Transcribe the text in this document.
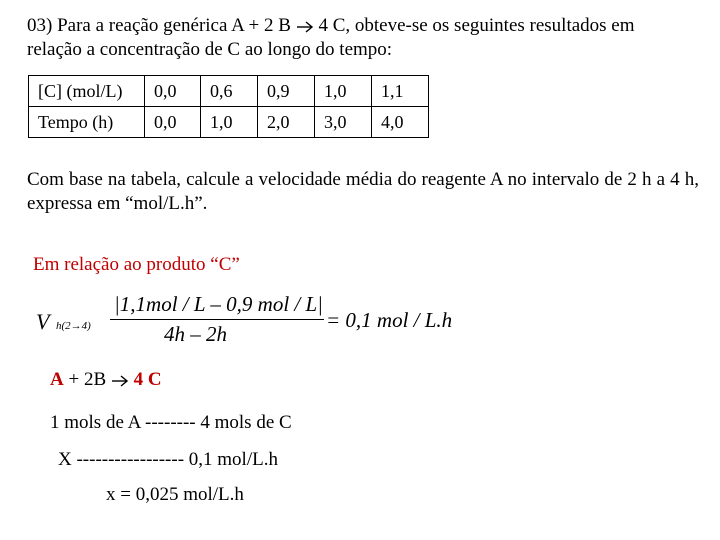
03) Para a reação genérica A + 2 B 4 C, obteve-se os seguintes resultados em
relação a concentração de C ao longo do tempo:
[C] (mol/L)	0,0	0,6	0,9	1,0	1,1
Tempo (h)	0,0	1,0	2,0	3,0	4,0
Com base na tabela, calcule a velocidade média do reagente A no intervalo de 2 h a 4 h, expressa em “mol/L.h”.
Em relação ao produto “C”
V h(2→4)
|1,1mol / L – 0,9 mol / L|
4h – 2h
= 0,1 mol / L.h
A + 2B 4 C
1 mols de A -------- 4 mols de C
X ----------------- 0,1 mol/L.h
x = 0,025 mol/L.h
